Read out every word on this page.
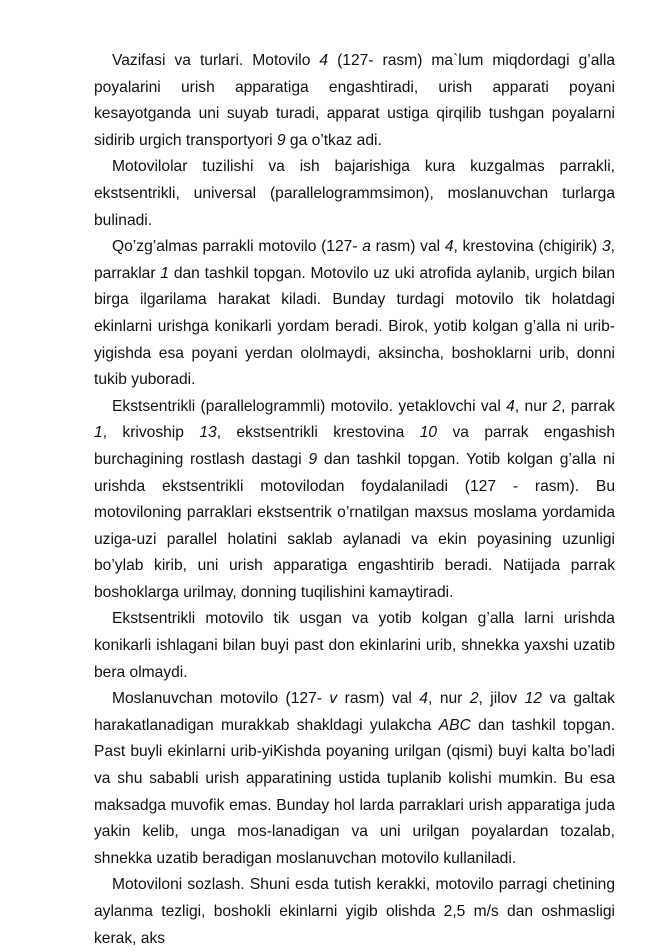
Vazifasi va turlari. Motovilo 4 (127- rasm) ma`lum miqdordagi g’alla poyalarini urish apparatiga engashtiradi, urish apparati poyani kesayotganda uni suyab turadi, apparat ustiga qirqilib tushgan poyalarni sidirib urgich transportyori 9 ga o’tkaz adi.

Motovilolar tuzilishi va ish bajarishiga kura kuzgalmas parrakli, ekstsentrikli, universal (parallelogrammsimon), moslanuvchan turlarga bulinadi.

Qo’zg’almas parrakli motovilo (127- a rasm) val 4, krestovina (chigirik) 3, parraklar 1 dan tashkil topgan. Motovilo uz uki atrofida aylanib, urgich bilan birga ilgarilama harakat kiladi. Bunday turdagi motovilo tik holatdagi ekinlarni urishga konikarli yordam beradi. Birok, yotib kolgan g’alla ni urib-yigishda esa poyani yerdan ololmaydi, aksincha, boshoklarni urib, donni tukib yuboradi.

Ekstsentrikli (parallelogrammli) motovilo. yetaklovchi val 4, nur 2, parrak 1, krivoship 13, ekstsentrikli krestovina 10 va parrak engashish burchagining rostlash dastagi 9 dan tashkil topgan. Yotib kolgan g’alla ni urishda ekstsentrikli motovilodan foydalaniladi (127 - rasm). Bu motoviloning parraklari ekstsentrik o’rnatilgan maxsus moslama yordamida uziga-uzi parallel holatini saklab aylanadi va ekin poyasining uzunligi bo’ylab kirib, uni urish apparatiga engashtirib beradi. Natijada parrak boshoklarga urilmay, donning tuqilishini kamaytiradi.

Ekstsentrikli motovilo tik usgan va yotib kolgan g’alla larni urishda konikarli ishlagani bilan buyi past don ekinlarini urib, shnekka yaxshi uzatib bera olmaydi.

Moslanuvchan motovilo (127- v rasm) val 4, nur 2, jilov 12 va galtak harakatlanadigan murakkab shakldagi yulakcha ABC dan tashkil topgan. Past buyli ekinlarni urib-yiKishda poyaning urilgan (qismi) buyi kalta bo’ladi va shu sababli urish apparatining ustida tuplanib kolishi mumkin. Bu esa maksadga muvofik emas. Bunday hol larda parraklari urish apparatiga juda yakin kelib, unga mos-lanadigan va uni urilgan poyalardan tozalab, shnekka uzatib beradigan moslanuvchan motovilo kullaniladi.

Motovilоni sozlash. Shuni esda tutish kerakki, motovilo parragi chetining aylanma tezligi, boshokli ekinlarni yigib olishda 2,5 m/s dan oshmasligi kerak, aks
